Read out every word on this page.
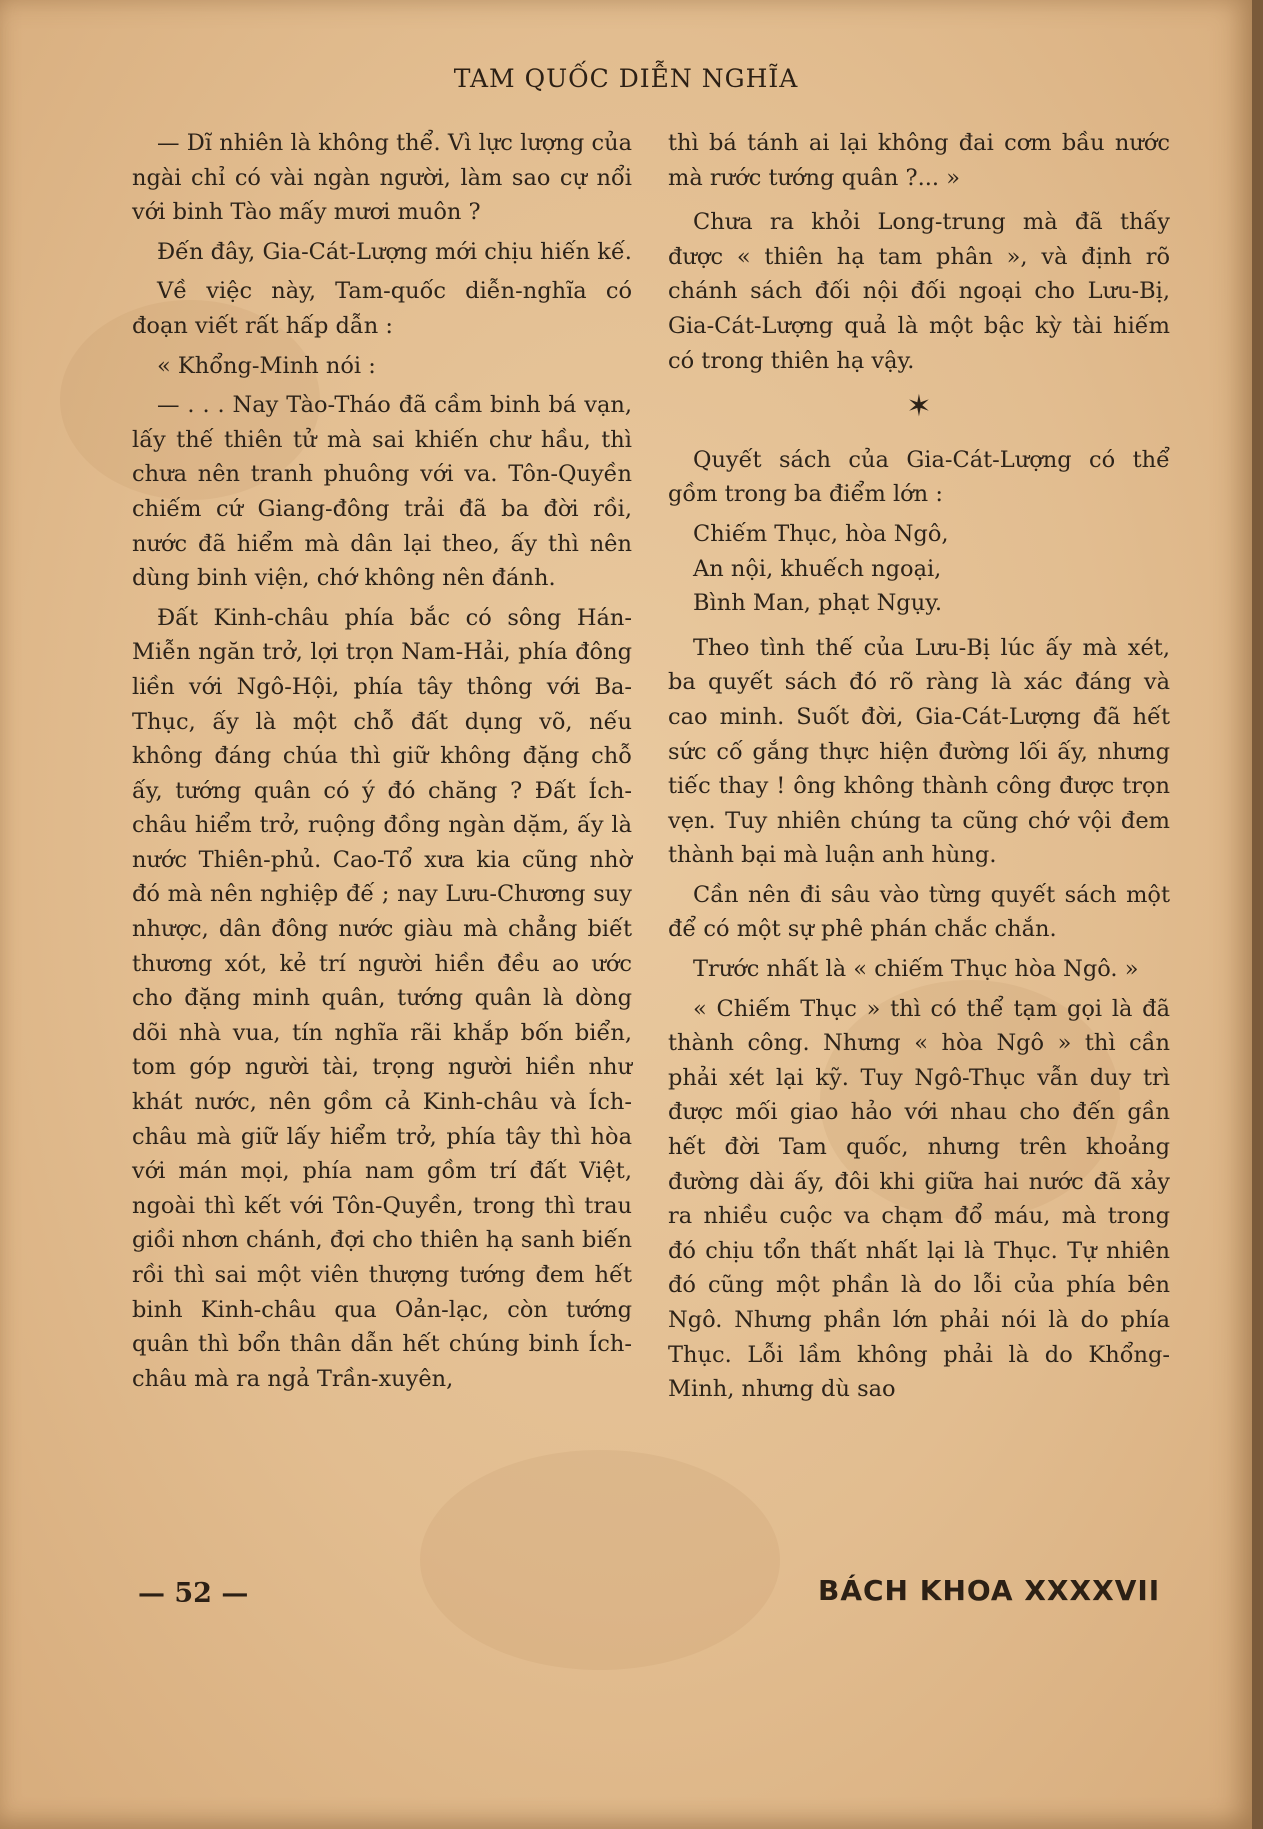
TAM QUỐC DIỄN NGHĨA

— Dĩ nhiên là không thể. Vì lực lượng của ngài chỉ có vài ngàn người, làm sao cự nổi với binh Tào mấy mươi muôn ?

Đến đây, Gia-Cát-Lượng mới chịu hiến kế.

Về việc này, Tam-quốc diễn-nghĩa có đoạn viết rất hấp dẫn :

« Khổng-Minh nói :

— . . . Nay Tào-Tháo đã cầm binh bá vạn, lấy thế thiên tử mà sai khiến chư hầu, thì chưa nên tranh phuông với va. Tôn-Quyền chiếm cứ Giang-đông trải đã ba đời rồi, nước đã hiểm mà dân lại theo, ấy thì nên dùng binh viện, chớ không nên đánh.

Đất Kinh-châu phía bắc có sông Hán-Miễn ngăn trở, lợi trọn Nam-Hải, phía đông liền với Ngô-Hội, phía tây thông với Ba-Thục, ấy là một chỗ đất dụng võ, nếu không đáng chúa thì giữ không đặng chỗ ấy, tướng quân có ý đó chăng ? Đất Ích-châu hiểm trở, ruộng đồng ngàn dặm, ấy là nước Thiên-phủ. Cao-Tổ xưa kia cũng nhờ đó mà nên nghiệp đế ; nay Lưu-Chương suy nhược, dân đông nước giàu mà chẳng biết thương xót, kẻ trí người hiền đều ao ước cho đặng minh quân, tướng quân là dòng dõi nhà vua, tín nghĩa rãi khắp bốn biển, tom góp người tài, trọng người hiền như khát nước, nên gồm cả Kinh-châu và Ích-châu mà giữ lấy hiểm trở, phía tây thì hòa với mán mọi, phía nam gồm trí đất Việt, ngoài thì kết với Tôn-Quyền, trong thì trau giồi nhơn chánh, đợi cho thiên hạ sanh biến rồi thì sai một viên thượng tướng đem hết binh Kinh-châu qua Oản-lạc, còn tướng quân thì bổn thân dẫn hết chúng binh Ích-châu mà ra ngả Trần-xuyên,

thì bá tánh ai lại không đai cơm bầu nước mà rước tướng quân ?... »

Chưa ra khỏi Long-trung mà đã thấy được « thiên hạ tam phân », và định rõ chánh sách đối nội đối ngoại cho Lưu-Bị, Gia-Cát-Lượng quả là một bậc kỳ tài hiếm có trong thiên hạ vậy.

✶

Quyết sách của Gia-Cát-Lượng có thể gồm trong ba điểm lớn :

Chiếm Thục, hòa Ngô,

An nội, khuếch ngoại,

Bình Man, phạt Ngụy.

Theo tình thế của Lưu-Bị lúc ấy mà xét, ba quyết sách đó rõ ràng là xác đáng và cao minh. Suốt đời, Gia-Cát-Lượng đã hết sức cố gắng thực hiện đường lối ấy, nhưng tiếc thay ! ông không thành công được trọn vẹn. Tuy nhiên chúng ta cũng chớ vội đem thành bại mà luận anh hùng.

Cần nên đi sâu vào từng quyết sách một để có một sự phê phán chắc chắn.

Trước nhất là « chiếm Thục hòa Ngô. »

« Chiếm Thục » thì có thể tạm gọi là đã thành công. Nhưng « hòa Ngô » thì cần phải xét lại kỹ. Tuy Ngô-Thục vẫn duy trì được mối giao hảo với nhau cho đến gần hết đời Tam quốc, nhưng trên khoảng đường dài ấy, đôi khi giữa hai nước đã xảy ra nhiều cuộc va chạm đổ máu, mà trong đó chịu tổn thất nhất lại là Thục. Tự nhiên đó cũng một phần là do lỗi của phía bên Ngô. Nhưng phần lớn phải nói là do phía Thục. Lỗi lầm không phải là do Khổng-Minh, nhưng dù sao

— 52 —	BÁCH KHOA XXXXVII
